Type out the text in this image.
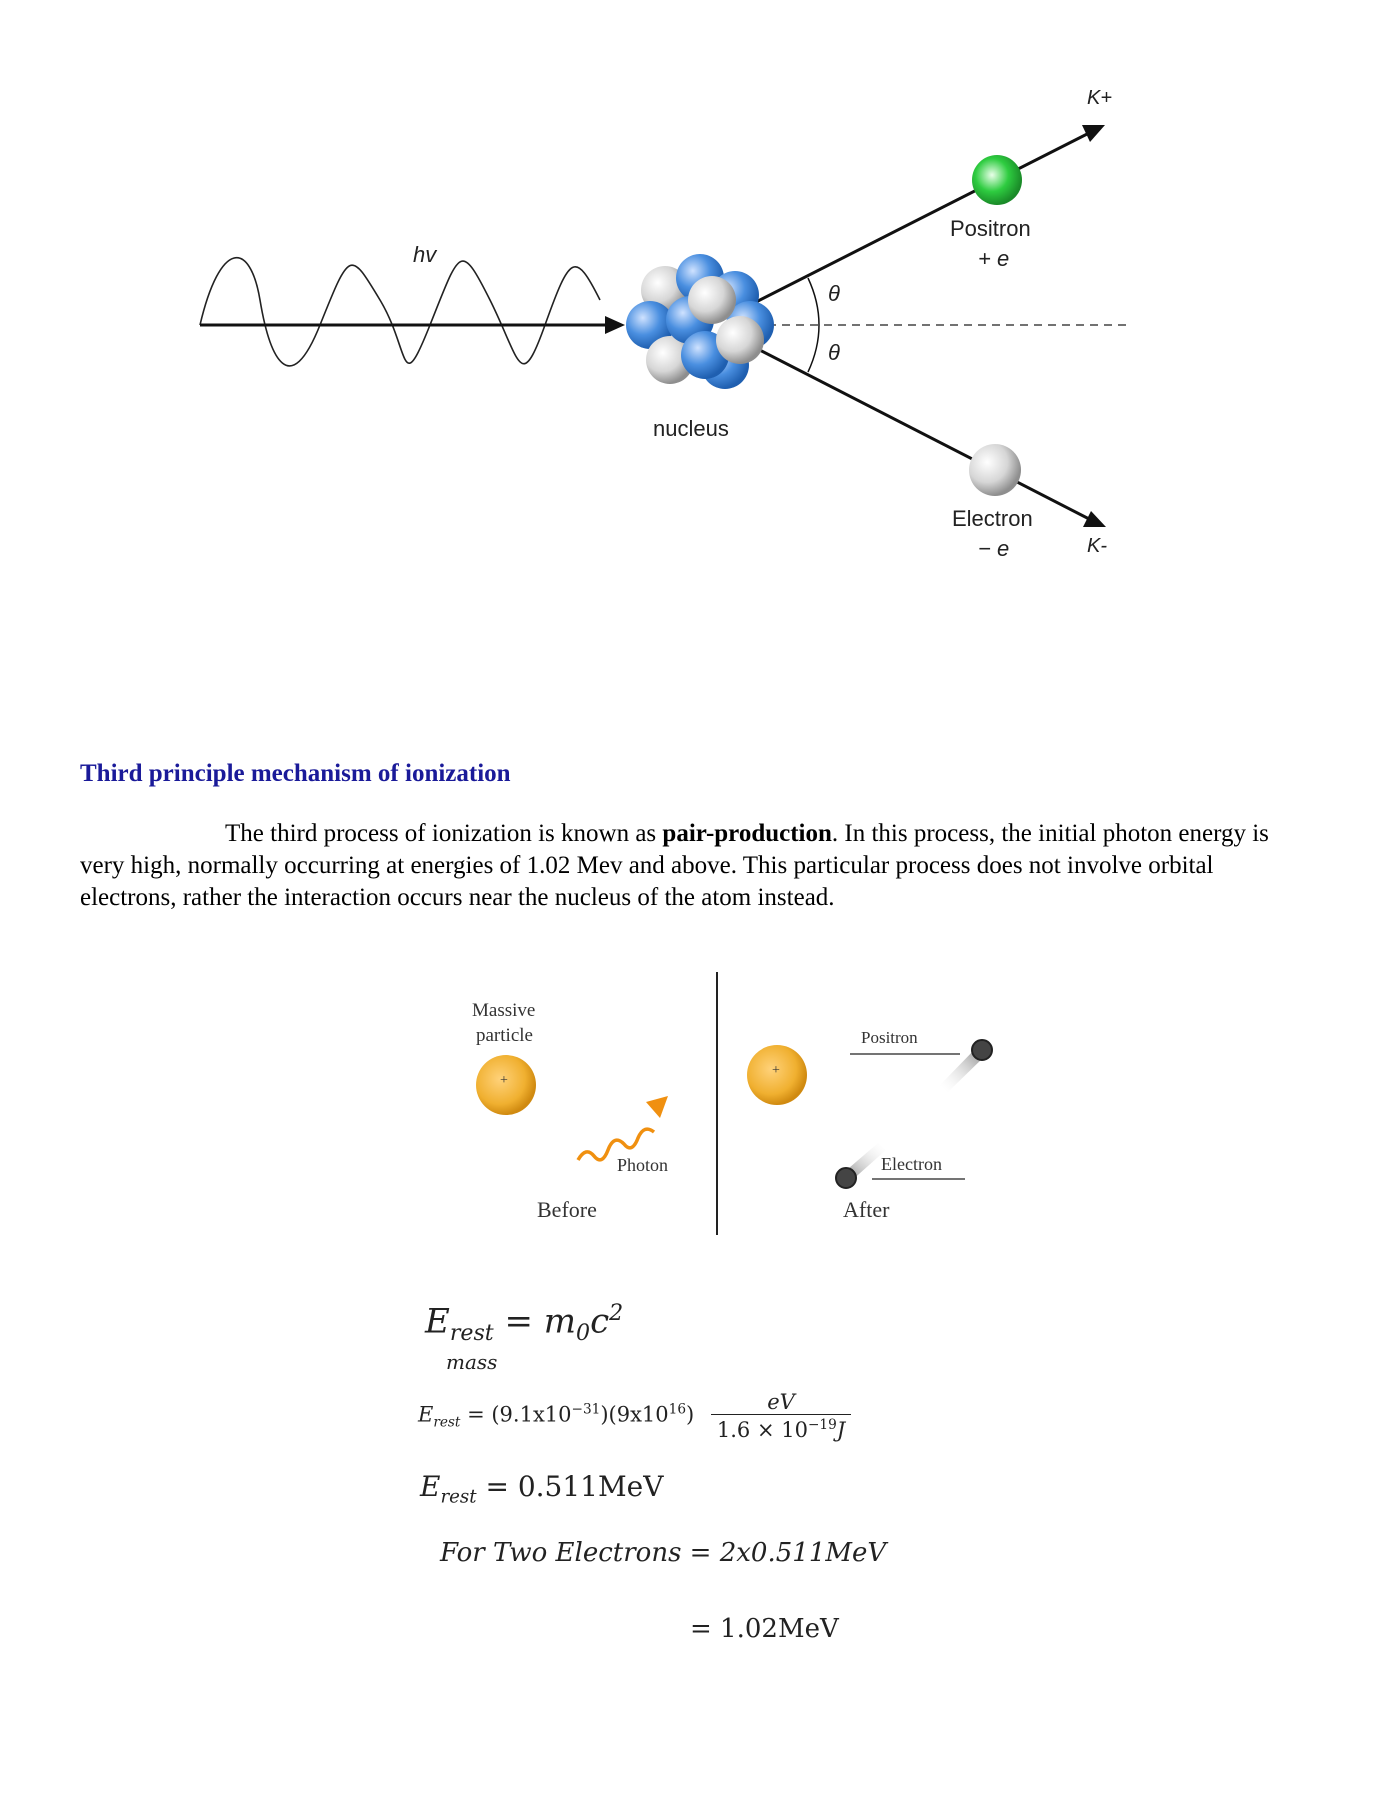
hv
θ
θ
nucleus
Positron
+ e
Electron
− e
K+
K-
Third principle mechanism of ionization
The third process of ionization is known as pair-production. In this process, the initial photon energy is very high, normally occurring at energies of 1.02 Mev and above. This particular process does not involve orbital electrons, rather the interaction occurs near the nucleus of the atom instead.
Massive
particle
+
+
Photon
Before
Positron
Electron
After
$E_{rest} = m_0c^2$
mass
$E_{rest} = (9.1x10^{-31})(9x10^{16}) \frac{eV}{1.6 \times 10^{-19}J}$
$E_{rest} = 0.511MeV$
For Two Electrons = 2x0.511MeV
= 1.02MeV
